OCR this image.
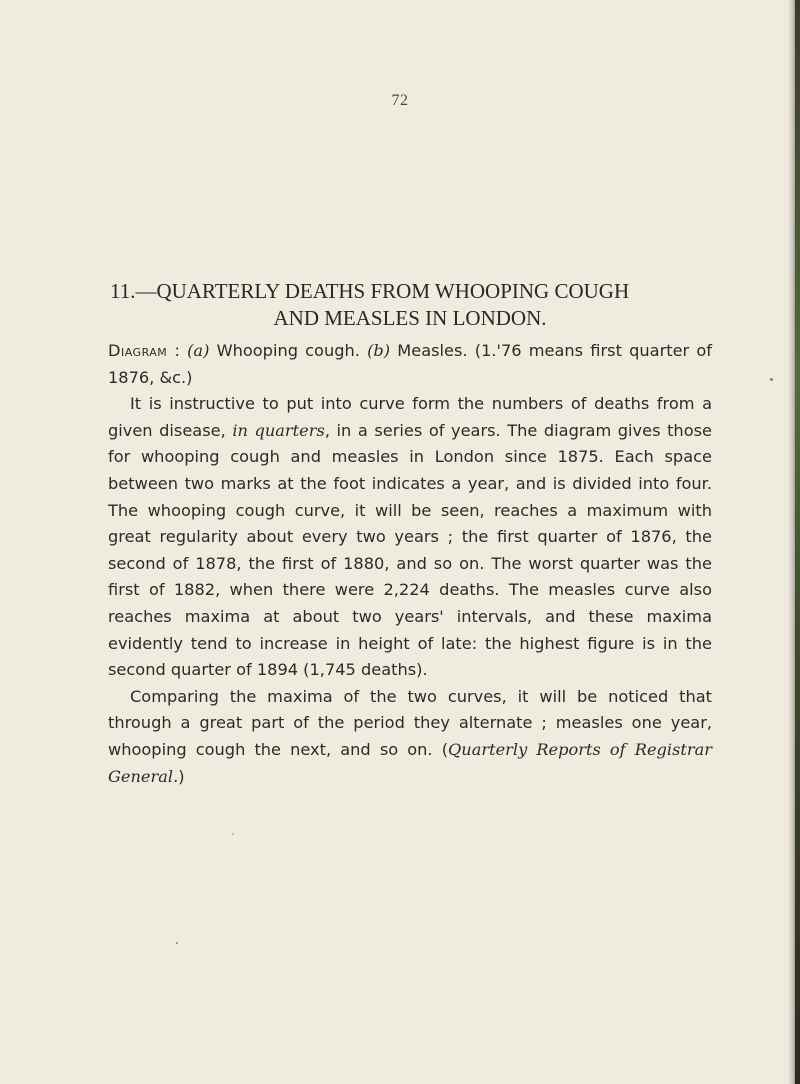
72
11.—QUARTERLY DEATHS FROM WHOOPING COUGH
AND MEASLES IN LONDON.

Diagram : (a) Whooping cough. (b) Measles. (1.'76 means first quarter of 1876, &c.)

It is instructive to put into curve form the numbers of deaths from a given disease, in quarters, in a series of years. The diagram gives those for whooping cough and measles in London since 1875. Each space between two marks at the foot indicates a year, and is divided into four. The whooping cough curve, it will be seen, reaches a maximum with great regularity about every two years ; the first quarter of 1876, the second of 1878, the first of 1880, and so on. The worst quarter was the first of 1882, when there were 2,224 deaths. The measles curve also reaches maxima at about two years' intervals, and these maxima evidently tend to increase in height of late: the highest figure is in the second quarter of 1894 (1,745 deaths).

Comparing the maxima of the two curves, it will be noticed that through a great part of the period they alternate ; measles one year, whooping cough the next, and so on. (Quarterly Reports of Registrar General.)
